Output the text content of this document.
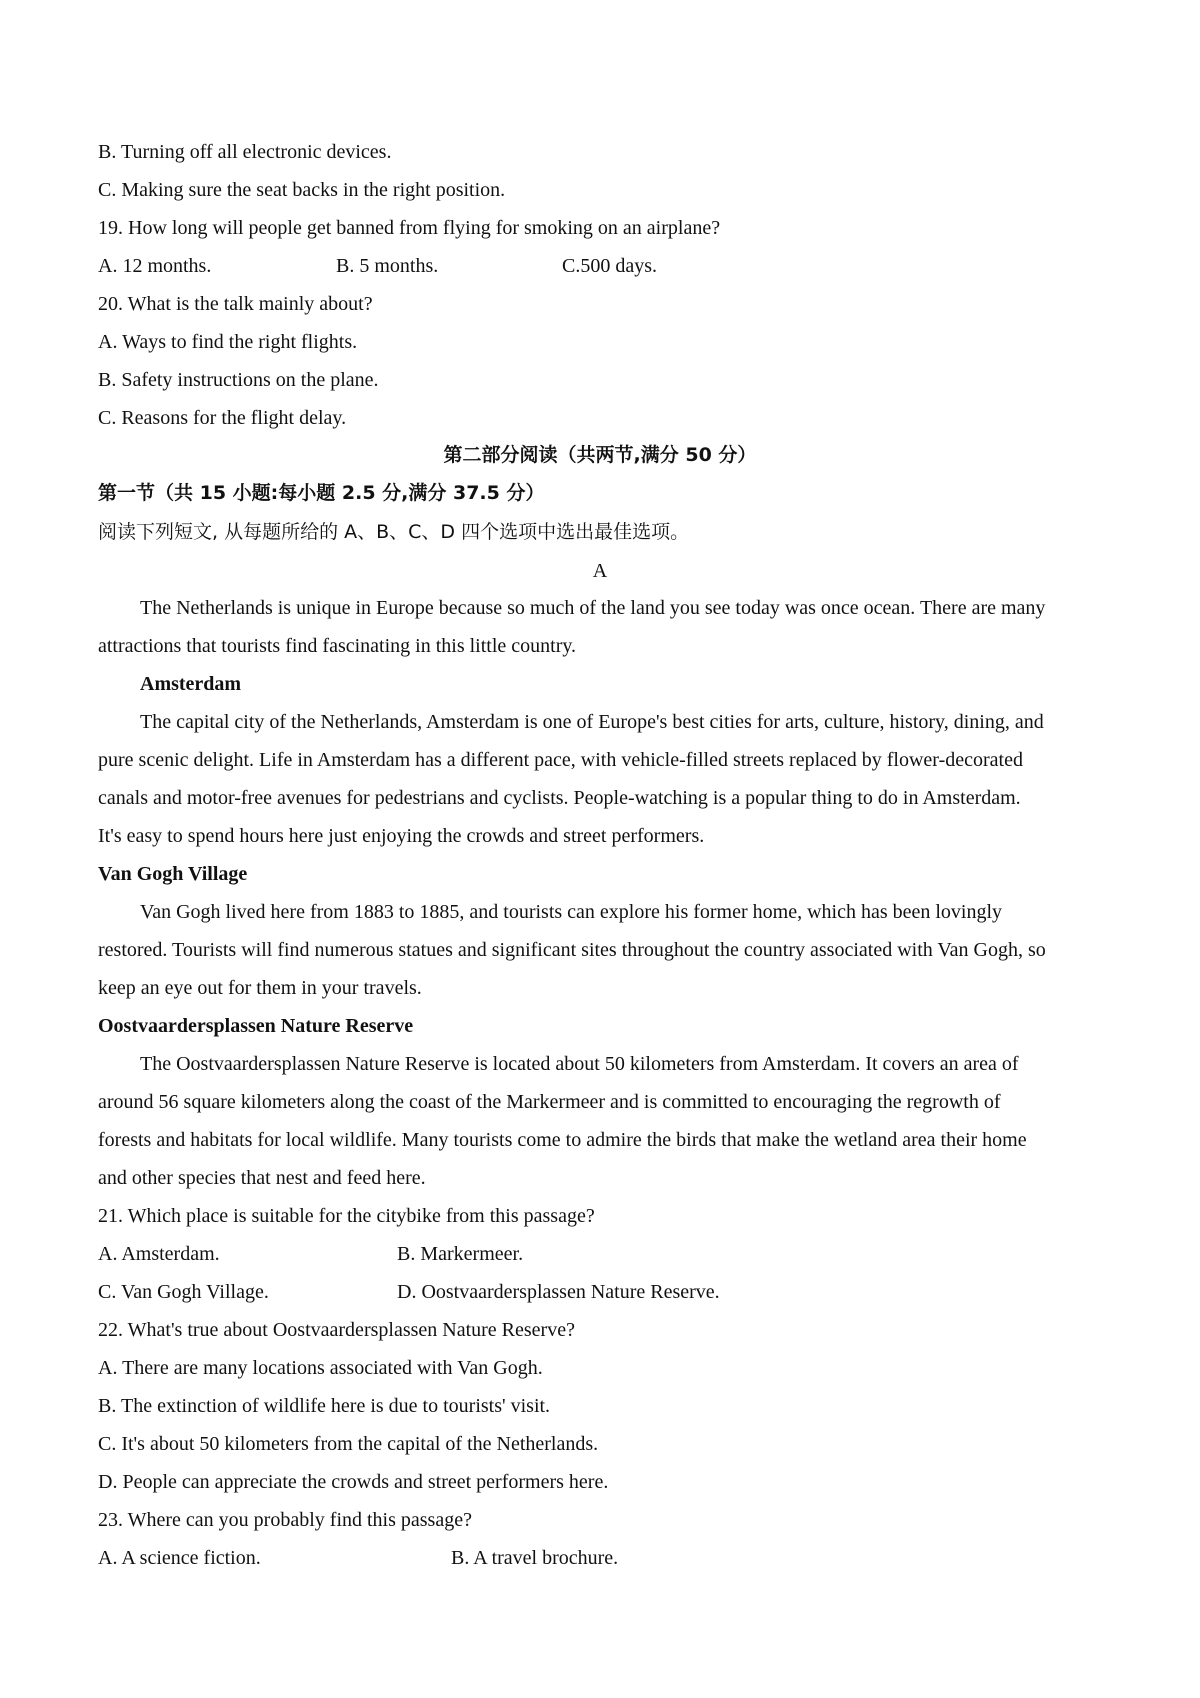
B. Turning off all electronic devices.
C. Making sure the seat backs in the right position.
19. How long will people get banned from flying for smoking on an airplane?
A. 12 months.	B. 5 months.	C.500 days.
20. What is the talk mainly about?
A. Ways to find the right flights.
B. Safety instructions on the plane.
C. Reasons for the flight delay.
第二部分阅读（共两节,满分 50 分）
第一节（共 15 小题:每小题 2.5 分,满分 37.5 分）
阅读下列短文, 从每题所给的 A、B、C、D 四个选项中选出最佳选项。
A
The Netherlands is unique in Europe because so much of the land you see today was once ocean. There are many
attractions that tourists find fascinating in this little country.
Amsterdam
The capital city of the Netherlands, Amsterdam is one of Europe's best cities for arts, culture, history, dining, and
pure scenic delight. Life in Amsterdam has a different pace, with vehicle-filled streets replaced by flower-decorated
canals and motor-free avenues for pedestrians and cyclists. People-watching is a popular thing to do in Amsterdam.
It's easy to spend hours here just enjoying the crowds and street performers.
Van Gogh Village
Van Gogh lived here from 1883 to 1885, and tourists can explore his former home, which has been lovingly
restored. Tourists will find numerous statues and significant sites throughout the country associated with Van Gogh, so
keep an eye out for them in your travels.
Oostvaardersplassen Nature Reserve
The Oostvaardersplassen Nature Reserve is located about 50 kilometers from Amsterdam. It covers an area of
around 56 square kilometers along the coast of the Markermeer and is committed to encouraging the regrowth of
forests and habitats for local wildlife. Many tourists come to admire the birds that make the wetland area their home
and other species that nest and feed here.
21. Which place is suitable for the citybike from this passage?
A. Amsterdam.	B. Markermeer.
C. Van Gogh Village.	D. Oostvaardersplassen Nature Reserve.
22. What's true about Oostvaardersplassen Nature Reserve?
A. There are many locations associated with Van Gogh.
B. The extinction of wildlife here is due to tourists' visit.
C. It's about 50 kilometers from the capital of the Netherlands.
D. People can appreciate the crowds and street performers here.
23. Where can you probably find this passage?
A. A science fiction.	B. A travel brochure.
